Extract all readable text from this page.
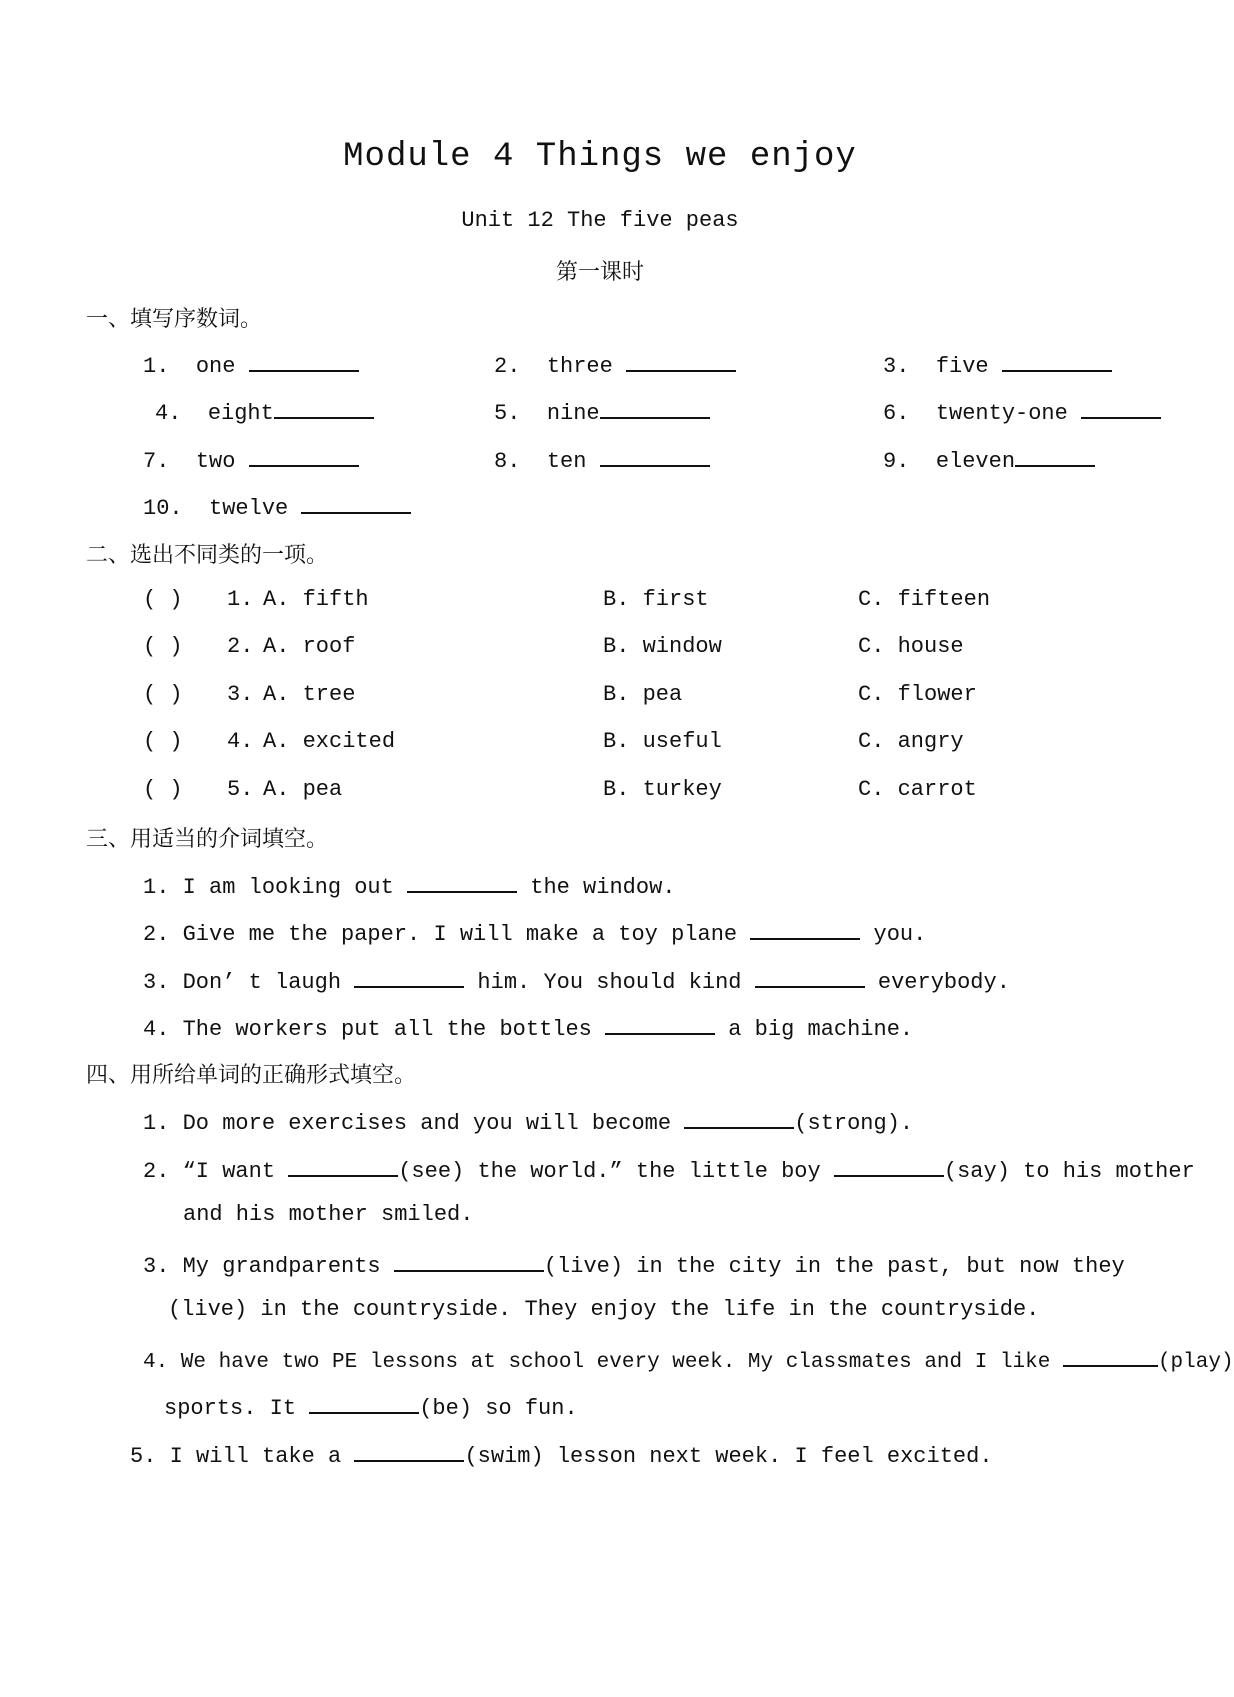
Module 4 Things we enjoy
Unit 12 The five peas
第一课时
一、填写序数词。
1. one	2. three	3. five
4. eight	5. nine	6. twenty-one
7. two	8. ten	9. eleven
10. twelve
二、选出不同类的一项。
( ) 1. A. fifth	B. first	C. fifteen
( ) 2. A. roof	B. window	C. house
( ) 3. A. tree	B. pea	C. flower
( ) 4. A. excited	B. useful	C. angry
( ) 5. A. pea	B. turkey	C. carrot
三、用适当的介词填空。
1. I am looking out	the window.
2. Give me the paper. I will make a toy plane	you.
3. Don’ t laugh	him. You should kind	everybody.
4. The workers put all the bottles	a big machine.
四、用所给单词的正确形式填空。
1. Do more exercises and you will become	(strong).
2. “I want	(see) the world.” the little boy	(say) to his mother
and his mother smiled.
3. My grandparents	(live) in the city in the past, but now they
(live) in the countryside. They enjoy the life in the countryside.
4. We have two PE lessons at school every week. My classmates and I like	(play)
sports. It	(be) so fun.
5. I will take a	(swim) lesson next week. I feel excited.
